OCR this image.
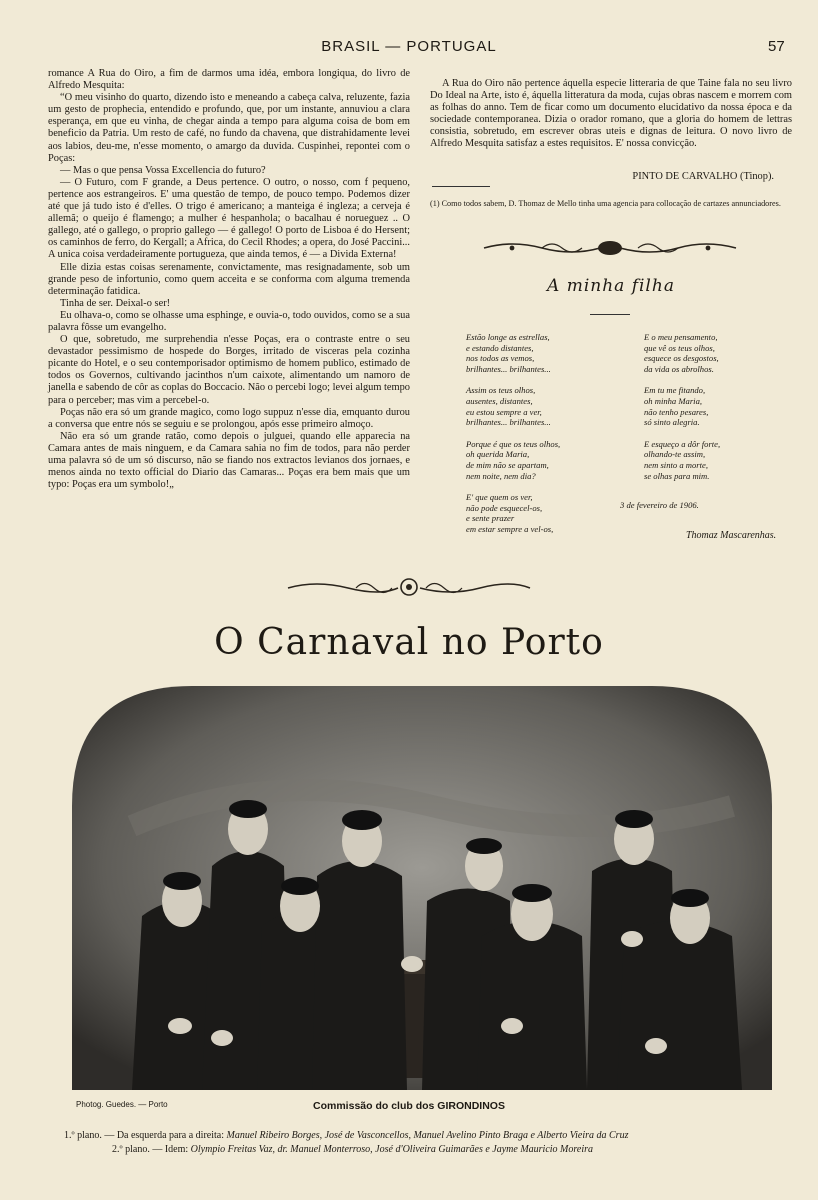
BRASIL — PORTUGAL	57

romance A Rua do Oiro, a fim de darmos uma idéa, embora longiqua, do livro de Alfredo Mesquita:

“O meu visinho do quarto, dizendo isto e meneando a cabeça calva, reluzente, fazia um gesto de prophecia, entendido e profundo, que, por um instante, annuviou a clara esperança, em que eu vinha, de chegar ainda a tempo para alguma coisa de bom em beneficio da Patria. Um resto de café, no fundo da chavena, que distrahidamente levei aos labios, deu-me, n'esse momento, o amargo da duvida. Cuspinhei, repontei com o Poças:

— Mas o que pensa Vossa Excellencia do futuro?

— O Futuro, com F grande, a Deus pertence. O outro, o nosso, com f pequeno, pertence aos estrangeiros. E' uma questão de tempo, de pouco tempo. Podemos dizer até que já tudo isto é d'elles. O trigo é americano; a manteiga é ingleza; a cerveja é allemã; o queijo é flamengo; a mulher é hespanhola; o bacalhau é norueguez .. O gallego, até o gallego, o proprio gallego — é gallego! O porto de Lisboa é do Hersent; os caminhos de ferro, do Kergall; a Africa, do Cecil Rhodes; a opera, do José Paccini... A unica coisa verdadeiramente portugueza, que ainda temos, é — a Divida Externa!

Elle dizia estas coisas serenamente, convictamente, mas resignadamente, sob um grande peso de infortunio, como quem acceita e se conforma com alguma tremenda determinação fatidica.

Tinha de ser. Deixal-o ser!

Eu olhava-o, como se olhasse uma esphinge, e ouvia-o, todo ouvidos, como se a sua palavra fôsse um evangelho.

O que, sobretudo, me surprehendia n'esse Poças, era o contraste entre o seu devastador pessimismo de hospede do Borges, irritado de visceras pela cozinha picante do Hotel, e o seu contemporisador optimismo de homem publico, estimado de todos os Governos, cultivando jacinthos n'um caixote, alimentando um namoro de janella e sabendo de côr as coplas do Boccacio. Não o percebi logo; levei algum tempo para o perceber; mas vim a percebel-o.

Poças não era só um grande magico, como logo suppuz n'esse dia, emquanto durou a conversa que entre nós se seguiu e se prolongou, após esse primeiro almoço.

Não era só um grande ratão, como depois o julguei, quando elle apparecia na Camara antes de mais ninguem, e da Camara sahia no fim de todos, para não perder uma palavra só de um só discurso, não se fiando nos extractos levianos dos jornaes, e menos ainda no texto official do Diario das Camaras... Poças era bem mais que um typo: Poças era um symbolo!„

A Rua do Oiro não pertence áquella especie litteraria de que Taine fala no seu livro Do Ideal na Arte, isto é, áquella litteratura da moda, cujas obras nascem e morrem com as folhas do anno. Tem de ficar como um documento elucidativo da nossa época e da sociedade contemporanea. Dizia o orador romano, que a gloria do homem de lettras consistia, sobretudo, em escrever obras uteis e dignas de leitura. O novo livro de Alfredo Mesquita satisfaz a estes requisitos. E' nossa convicção.

PINTO DE CARVALHO (Tinop).
(1) Como todos sabem, D. Thomaz de Mello tinha uma agencia para collocação de cartazes annunciadores.
A minha filha
Estão longe as estrellas,
e estando distantes,
nos todos as vemos,
brilhantes... brilhantes...
Assim os teus olhos,
ausentes, distantes,
eu estou sempre a ver,
brilhantes... brilhantes...
Porque é que os teus olhos,
oh querida Maria,
de mim não se apartam,
nem noite, nem dia?
E' que quem os ver,
não pode esquecel-os,
e sente prazer
em estar sempre a vel-os,
E o meu pensamento,
que vê os teus olhos,
esquece os desgostos,
da vida os abrolhos.
Em tu me fitando,
oh minha Maria,
não tenho pesares,
só sinto alegria.
E esqueço a dôr forte,
olhando-te assim,
nem sinto a morte,
se olhas para mim.
3 de fevereiro de 1906.
Thomaz Mascarenhas.
O Carnaval no Porto
Photog. Guedes. — Porto	Commissão do club dos GIRONDINOS
1.º plano. — Da esquerda para a direita: Manuel Ribeiro Borges, José de Vasconcellos, Manuel Avelino Pinto Braga e Alberto Vieira da Cruz
2.º plano. — Idem: Olympio Freitas Vaz, dr. Manuel Monterroso, José d'Oliveira Guimarães e Jayme Mauricio Moreira
